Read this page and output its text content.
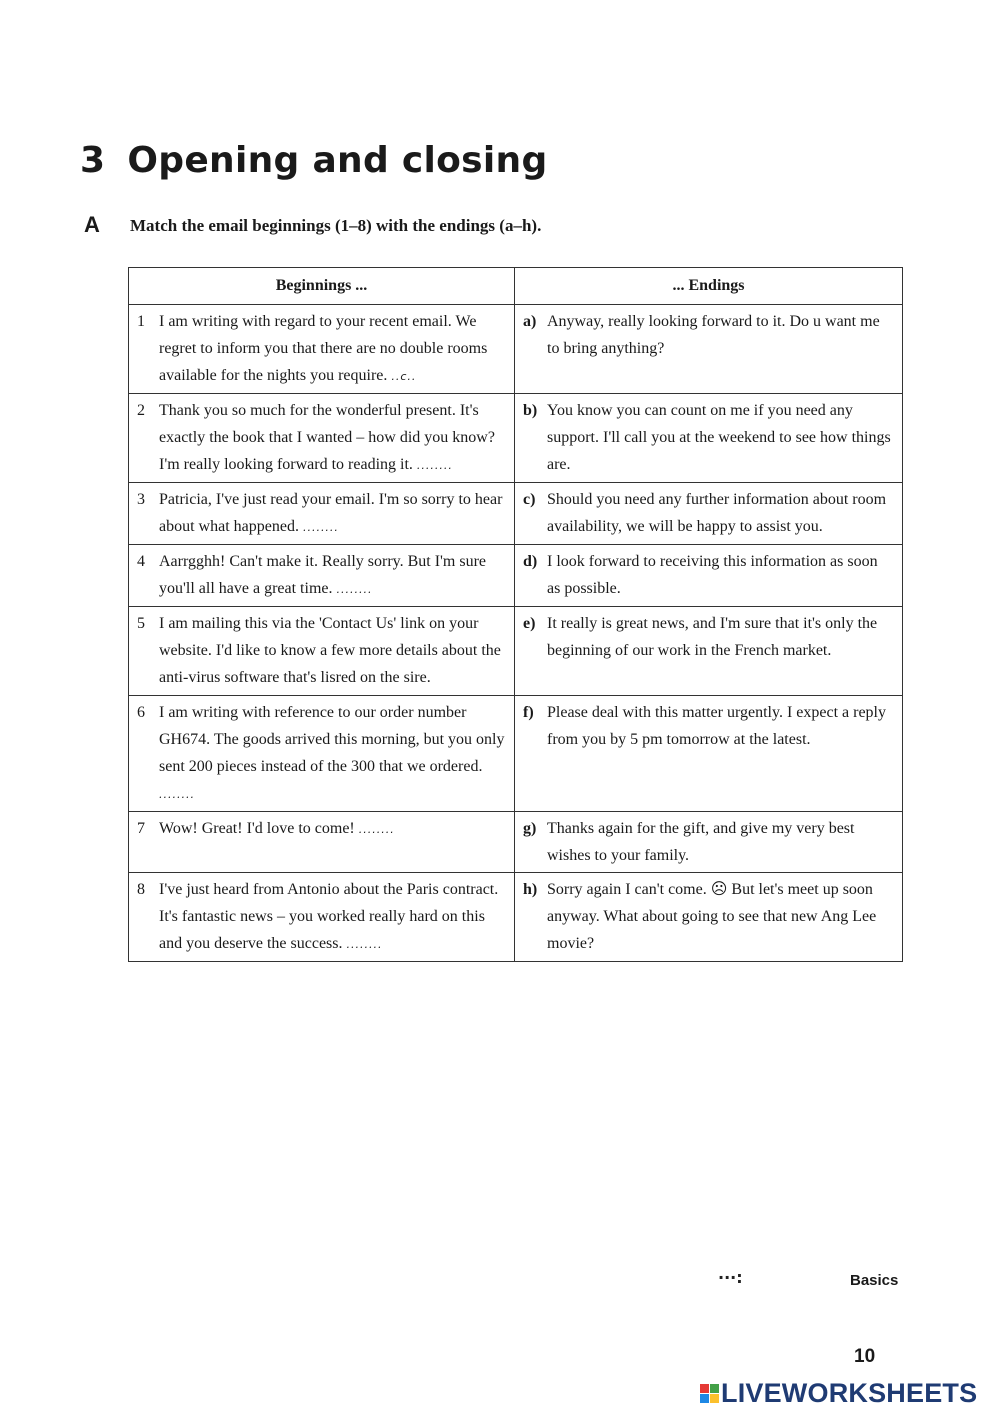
3 Opening and closing
A Match the email beginnings (1–8) with the endings (a–h).
Beginnings ...	... Endings

1 I am writing with regard to your recent email. We regret to inform you that there are no double rooms available for the nights you require. ..c..	a) Anyway, really looking forward to it. Do u want me to bring anything?

2 Thank you so much for the wonderful present. It's exactly the book that I wanted – how did you know? I'm really looking forward to reading it. ........	b) You know you can count on me if you need any support. I'll call you at the weekend to see how things are.

3 Patricia, I've just read your email. I'm so sorry to hear about what happened. ........	c) Should you need any further information about room availability, we will be happy to assist you.

4 Aarrgghh! Can't make it. Really sorry. But I'm sure you'll all have a great time. ........	d) I look forward to receiving this information as soon as possible.

5 I am mailing this via the 'Contact Us' link on your website. I'd like to know a few more details about the anti-virus software that's lisred on the sire.	e) It really is great news, and I'm sure that it's only the beginning of our work in the French market.

6 I am writing with reference to our order number GH674. The goods arrived this morning, but you only sent 200 pieces instead of the 300 that we ordered. ........	f) Please deal with this matter urgently. I expect a reply from you by 5 pm tomorrow at the latest.

7 Wow! Great! I'd love to come! ........	g) Thanks again for the gift, and give my very best wishes to your family.

8 I've just heard from Antonio about the Paris contract. It's fantastic news – you worked really hard on this and you deserve the success. ........	h) Sorry again I can't come. ☹ But let's meet up soon anyway. What about going to see that new Ang Lee movie?
···:	Basics
10
LIVEWORKSHEETS
